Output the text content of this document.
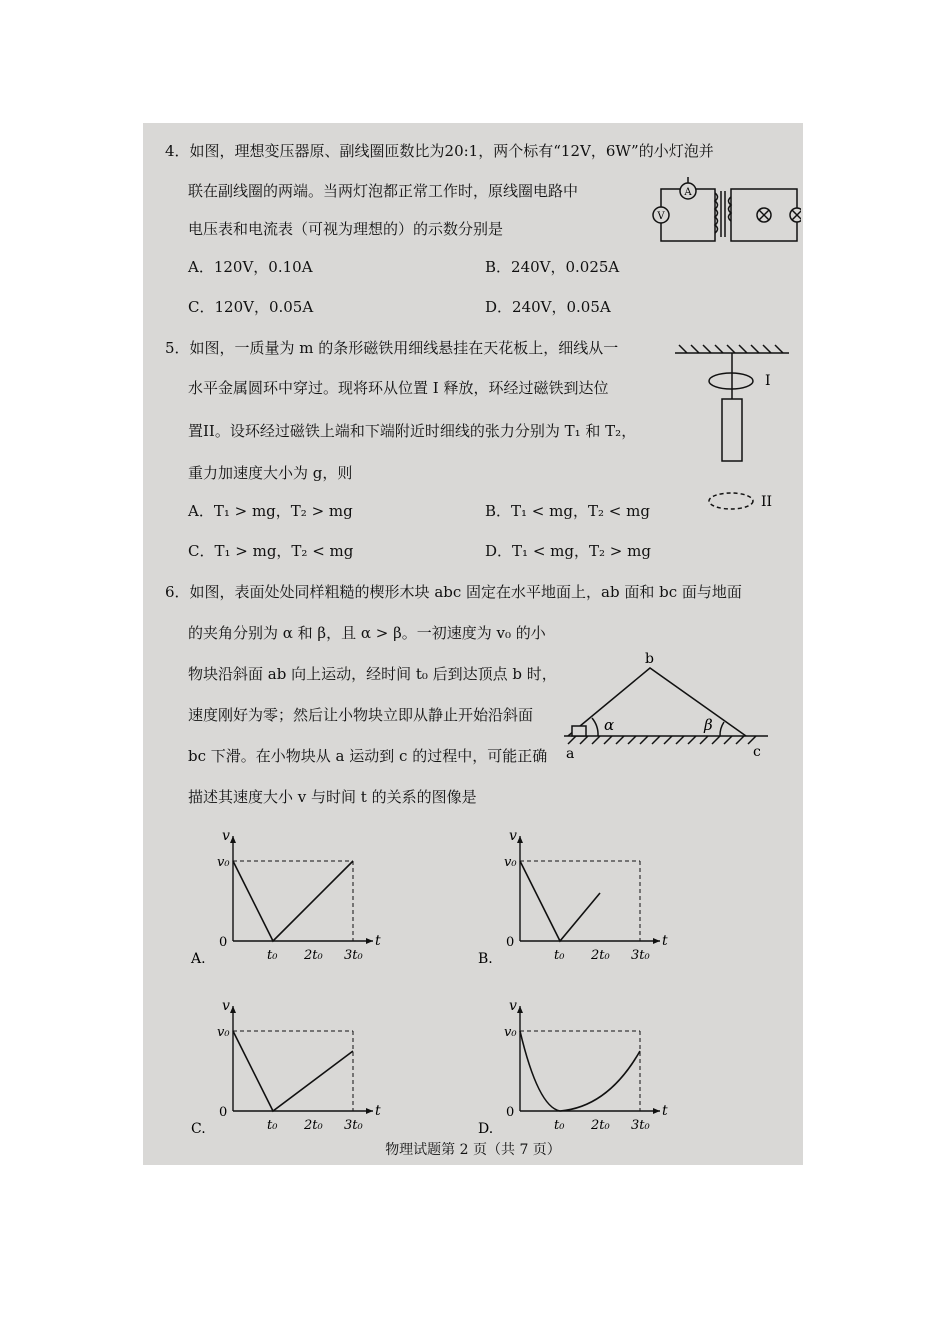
4．如图，理想变压器原、副线圈匝数比为20:1，两个标有“12V，6W”的小灯泡并
联在副线圈的两端。当两灯泡都正常工作时，原线圈电路中
电压表和电流表（可视为理想的）的示数分别是
A．120V，0.10A	B．240V，0.025A
C．120V，0.05A	D．240V，0.05A
A
V
5．如图，一质量为 m 的条形磁铁用细线悬挂在天花板上，细线从一
水平金属圆环中穿过。现将环从位置 I 释放，环经过磁铁到达位
置II。设环经过磁铁上端和下端附近时细线的张力分别为 T₁ 和 T₂，
重力加速度大小为 g，则
A．T₁ > mg，T₂ > mg	B．T₁ < mg，T₂ < mg
C．T₁ > mg，T₂ < mg	D．T₁ < mg，T₂ > mg
I
II
6．如图，表面处处同样粗糙的楔形木块 abc 固定在水平地面上，ab 面和 bc 面与地面
的夹角分别为 α 和 β，且 α > β。一初速度为 v₀ 的小
物块沿斜面 ab 向上运动，经时间 t₀ 后到达顶点 b 时，
速度刚好为零；然后让小物块立即从静止开始沿斜面
bc 下滑。在小物块从 a 运动到 c 的过程中，可能正确
描述其速度大小 v 与时间 t 的关系的图像是
b
a	c
α	β
v
v₀
0	t
t₀ 2t₀ 3t₀
A.
v
v₀
0	t
t₀ 2t₀ 3t₀
B.
v
v₀
0	t
t₀ 2t₀ 3t₀
C.
v
v₀
0	t
t₀ 2t₀ 3t₀
D.
物理试题第 2 页（共 7 页）
